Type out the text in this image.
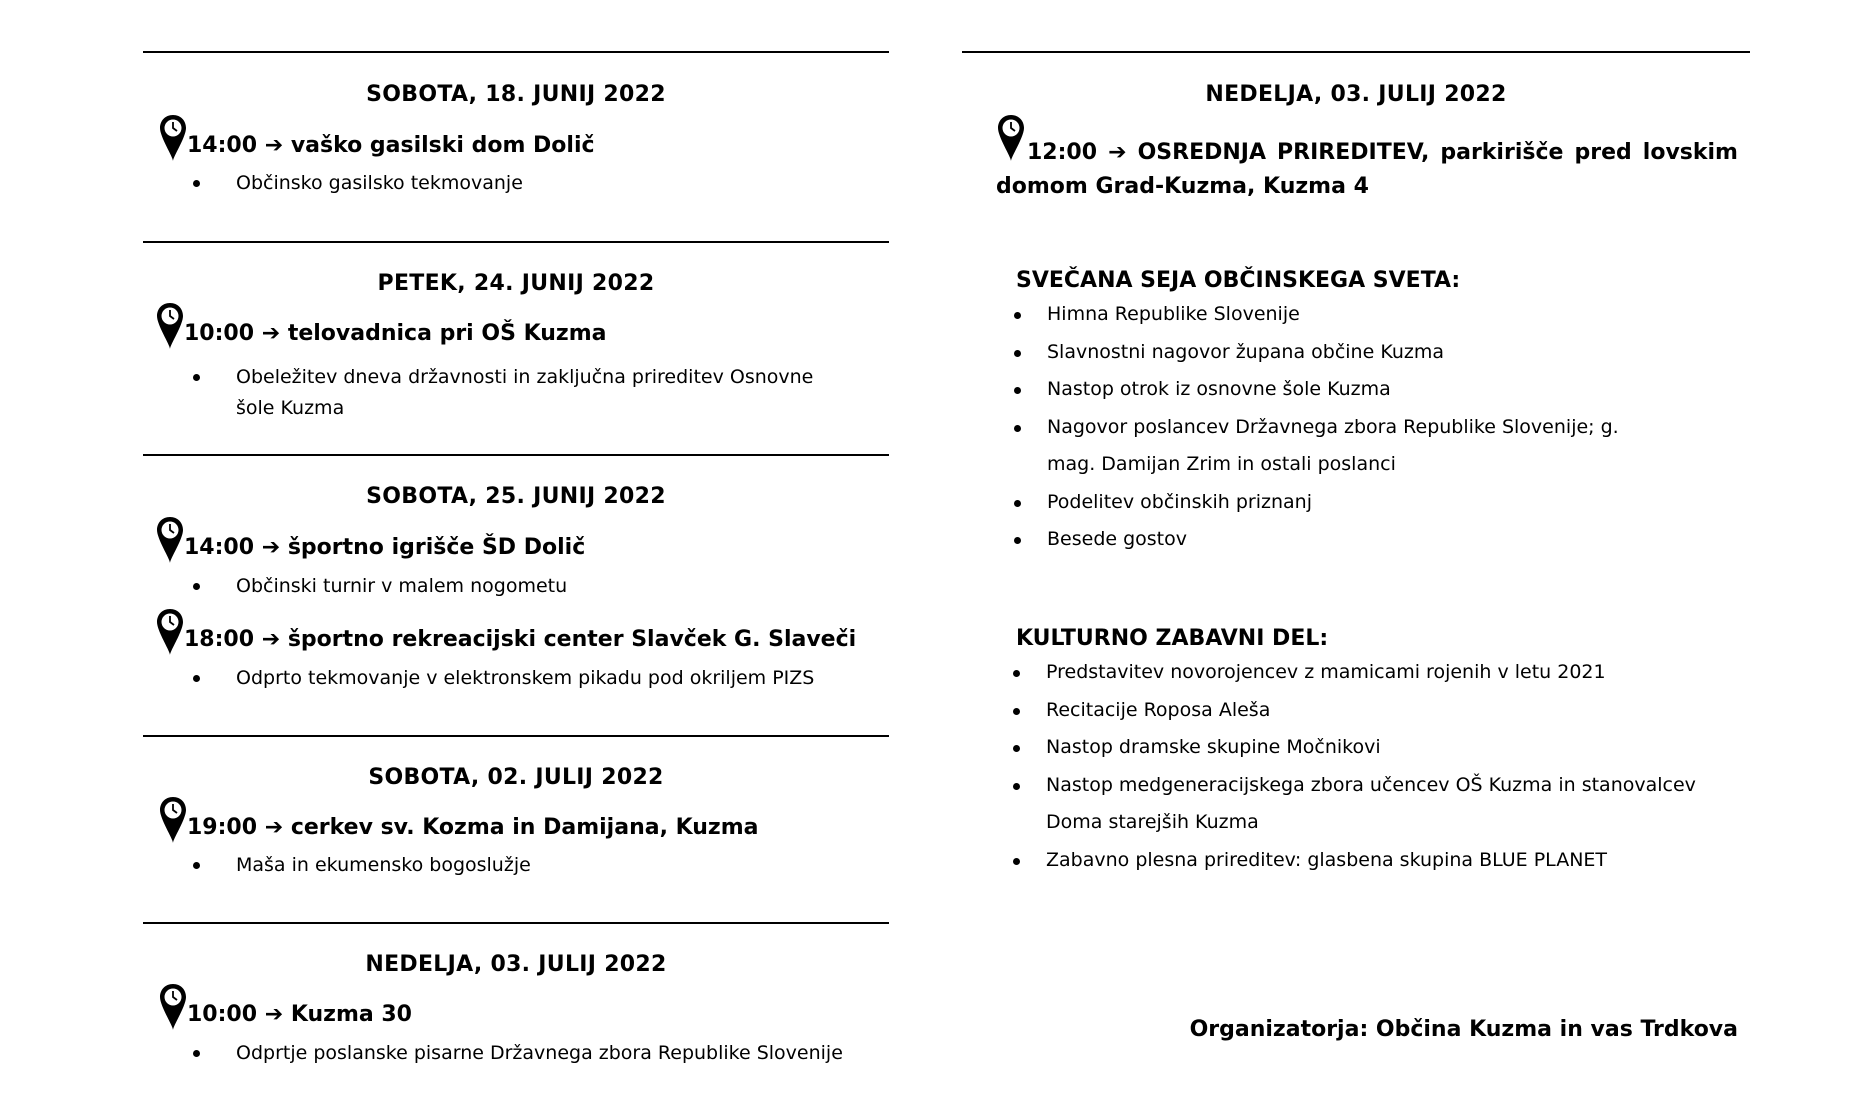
SOBOTA, 18. JUNIJ 2022
14:00 ➔ vaško gasilski dom Dolič
Občinsko gasilsko tekmovanje
PETEK, 24. JUNIJ 2022
10:00 ➔ telovadnica pri OŠ Kuzma
Obeležitev dneva državnosti in zaključna prireditev Osnovne šole Kuzma
SOBOTA, 25. JUNIJ 2022
14:00 ➔ športno igrišče ŠD Dolič
Občinski turnir v malem nogometu
18:00 ➔ športno rekreacijski center Slavček G. Slaveči
Odprto tekmovanje v elektronskem pikadu pod okriljem PIZS
SOBOTA, 02. JULIJ 2022
19:00 ➔ cerkev sv. Kozma in Damijana, Kuzma
Maša in ekumensko bogoslužje
NEDELJA, 03. JULIJ 2022
10:00 ➔ Kuzma 30
Odprtje poslanske pisarne Državnega zbora Republike Slovenije
NEDELJA, 03. JULIJ 2022
12:00 ➔ OSREDNJA PRIREDITEV, parkirišče pred lovskim domom Grad-Kuzma, Kuzma 4
SVEČANA SEJA OBČINSKEGA SVETA:
Himna Republike Slovenije
Slavnostni nagovor župana občine Kuzma
Nastop otrok iz osnovne šole Kuzma
Nagovor poslancev Državnega zbora Republike Slovenije; g. mag. Damijan Zrim in ostali poslanci
Podelitev občinskih priznanj
Besede gostov
KULTURNO ZABAVNI DEL:
Predstavitev novorojencev z mamicami rojenih v letu 2021
Recitacije Roposa Aleša
Nastop dramske skupine Močnikovi
Nastop medgeneracijskega zbora učencev OŠ Kuzma in stanovalcev Doma starejših Kuzma
Zabavno plesna prireditev: glasbena skupina BLUE PLANET
Organizatorja: Občina Kuzma in vas Trdkova
